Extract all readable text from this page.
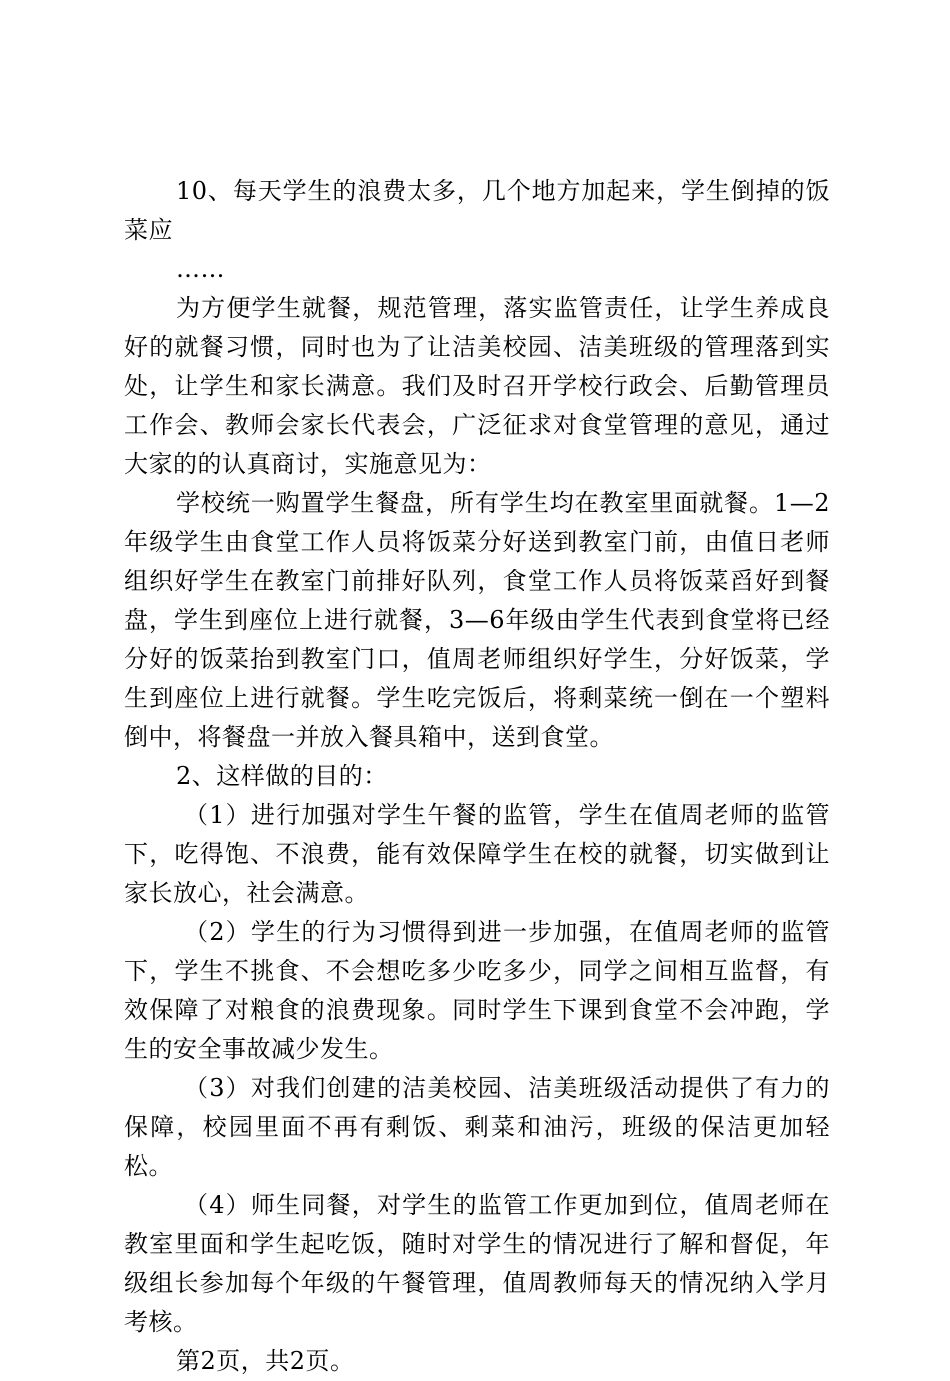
10、每天学生的浪费太多，几个地方加起来，学生倒掉的饭菜应

……

为方便学生就餐，规范管理，落实监管责任，让学生养成良好的就餐习惯，同时也为了让洁美校园、洁美班级的管理落到实处，让学生和家长满意。我们及时召开学校行政会、后勤管理员工作会、教师会家长代表会，广泛征求对食堂管理的意见，通过大家的的认真商讨，实施意见为：

学校统一购置学生餐盘，所有学生均在教室里面就餐。1—2年级学生由食堂工作人员将饭菜分好送到教室门前，由值日老师组织好学生在教室门前排好队列，食堂工作人员将饭菜舀好到餐盘，学生到座位上进行就餐，3—6年级由学生代表到食堂将已经分好的饭菜抬到教室门口，值周老师组织好学生，分好饭菜，学生到座位上进行就餐。学生吃完饭后，将剩菜统一倒在一个塑料倒中，将餐盘一并放入餐具箱中，送到食堂。

2、这样做的目的：

（1）进行加强对学生午餐的监管，学生在值周老师的监管下，吃得饱、不浪费，能有效保障学生在校的就餐，切实做到让家长放心，社会满意。

（2）学生的行为习惯得到进一步加强，在值周老师的监管下，学生不挑食、不会想吃多少吃多少，同学之间相互监督，有效保障了对粮食的浪费现象。同时学生下课到食堂不会冲跑，学生的安全事故减少发生。

（3）对我们创建的洁美校园、洁美班级活动提供了有力的保障，校园里面不再有剩饭、剩菜和油污，班级的保洁更加轻松。

（4）师生同餐，对学生的监管工作更加到位，值周老师在教室里面和学生起吃饭，随时对学生的情况进行了解和督促，年级组长参加每个年级的午餐管理，值周教师每天的情况纳入学月考核。

第2页，共2页。
